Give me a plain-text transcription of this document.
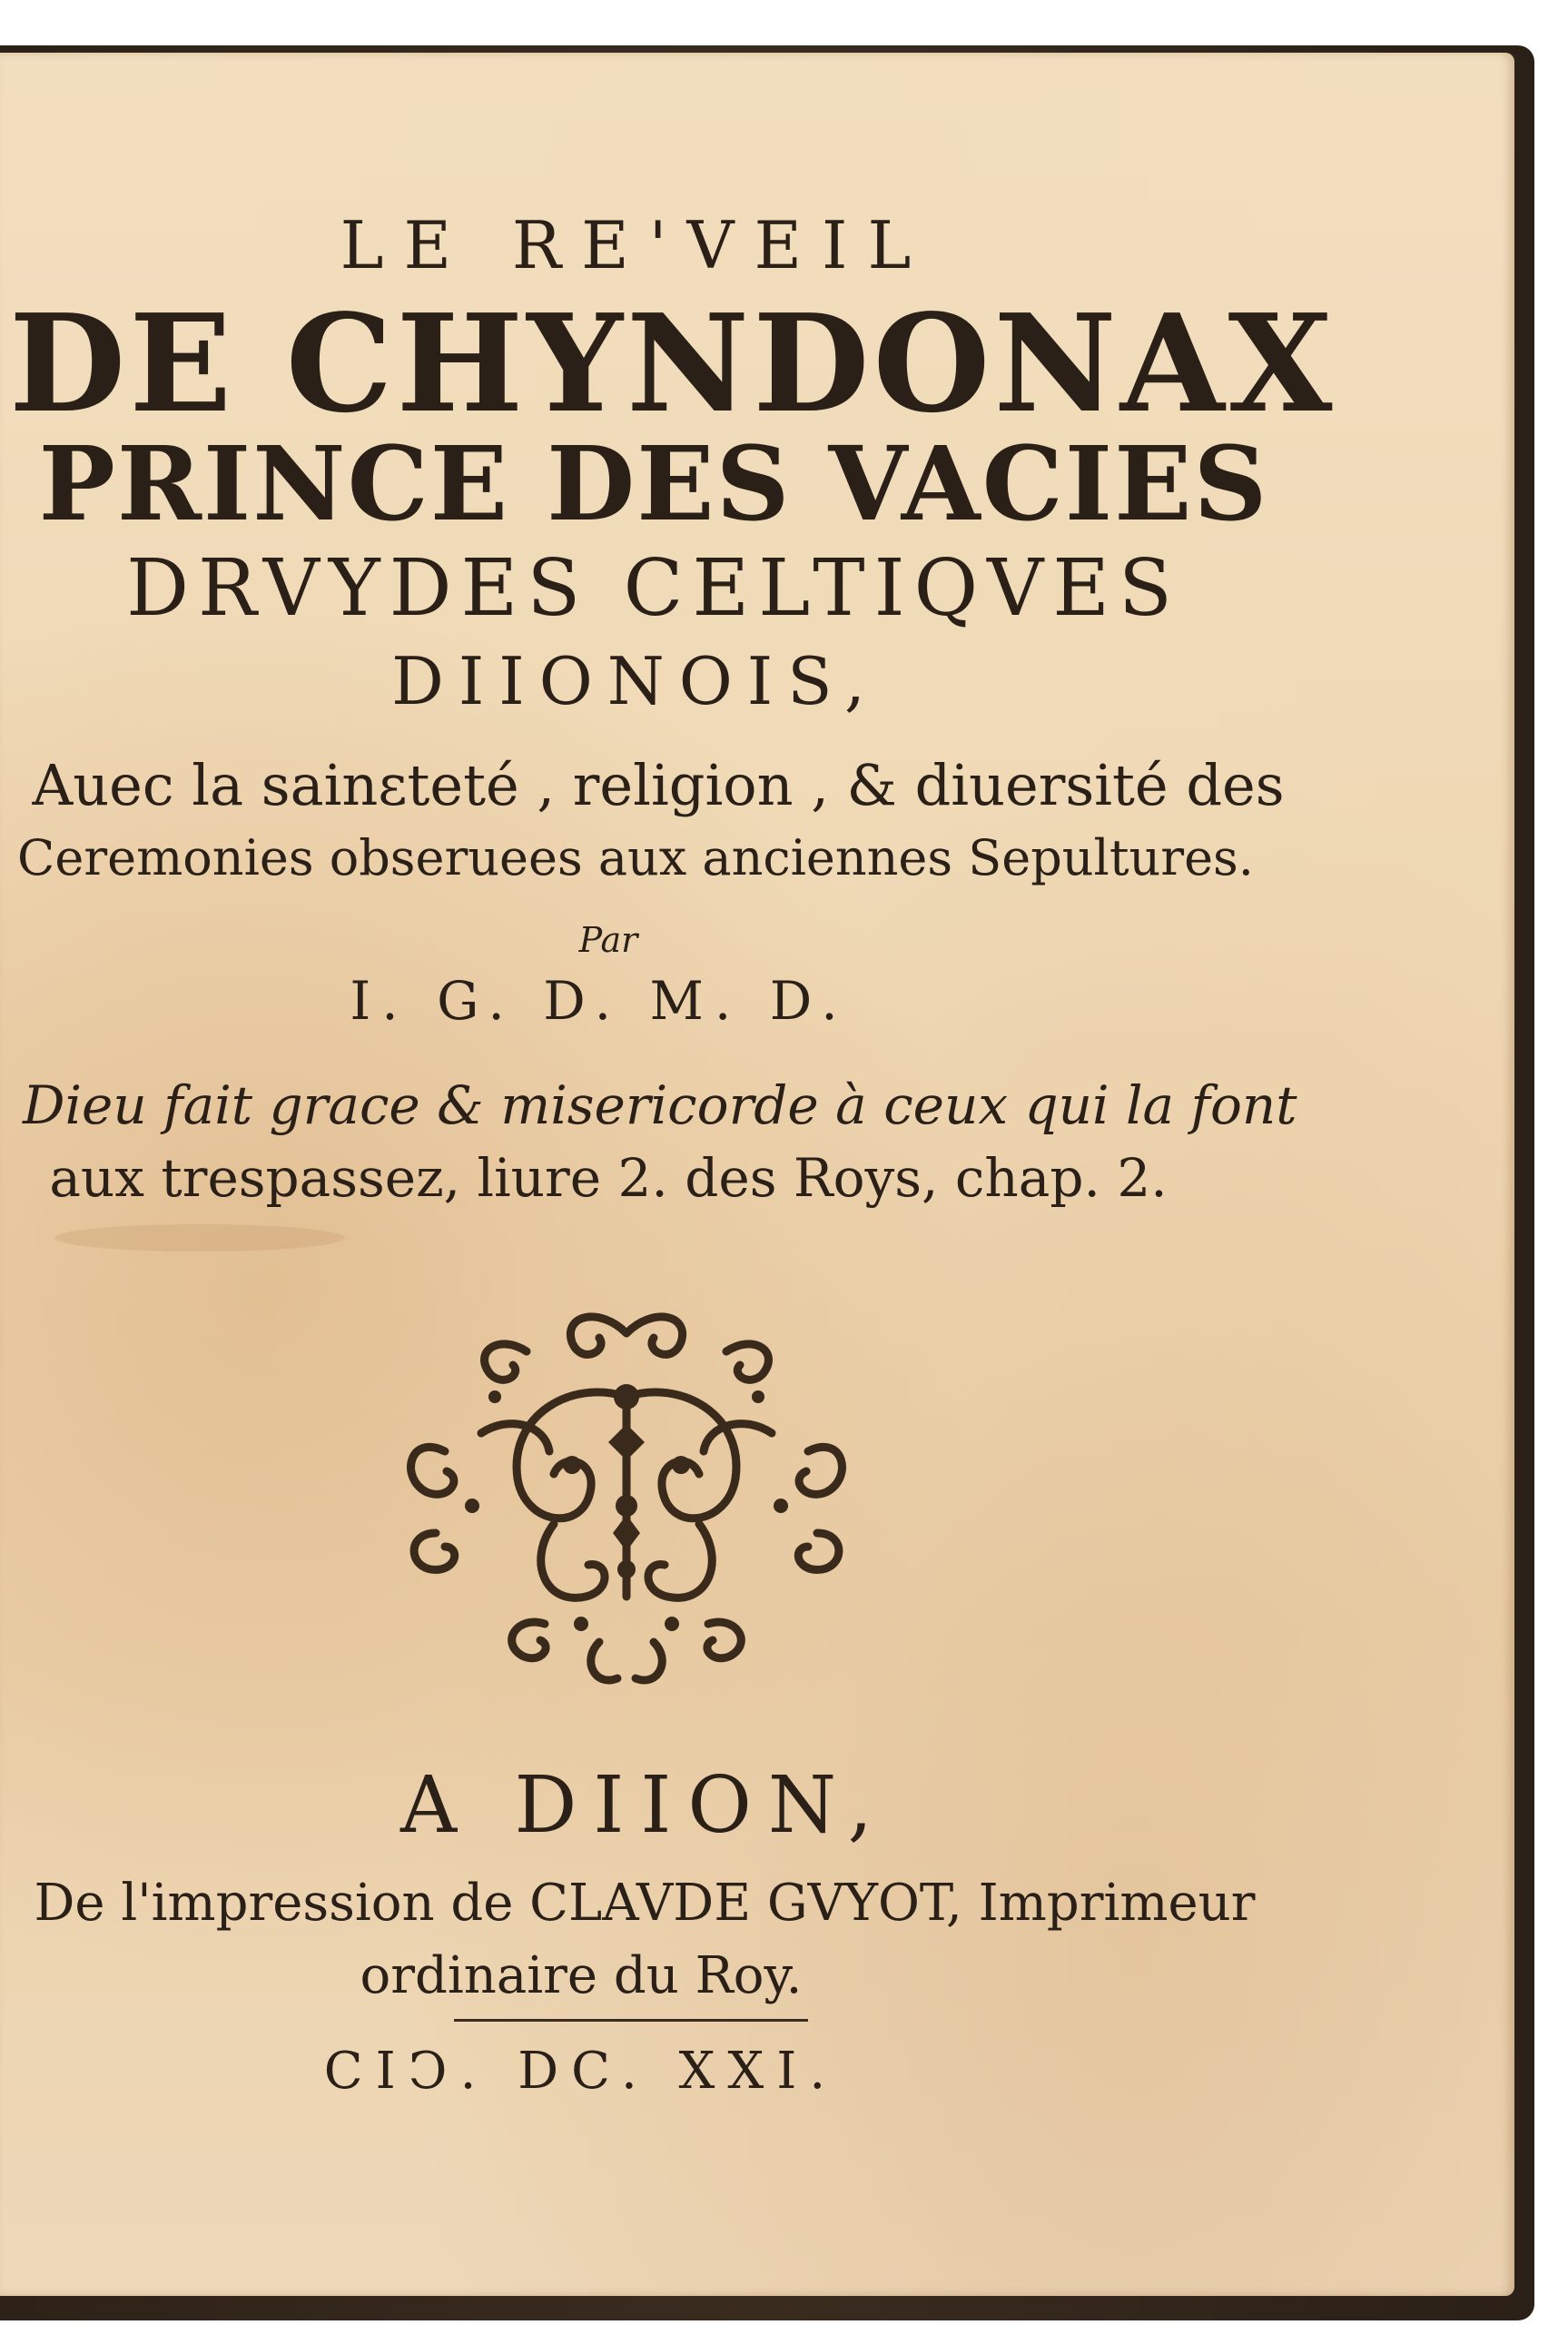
LE RE'VEIL
DE CHYNDONAX
PRINCE DES VACIES
DRVYDES CELTIQVES
DIIONOIS,
Auec la sainɛteté , religion , & diuersité des
Ceremonies obseruees aux anciennes Sepultures.
Par
I. G. D. M. D.
Dieu fait grace & misericorde à ceux qui la font
aux trespassez, liure 2. des Roys, chap. 2.
A DIION,
De l'impression de CLAVDE GVYOT, Imprimeur
ordinaire du Roy.
CIↃ. DC. XXI.
